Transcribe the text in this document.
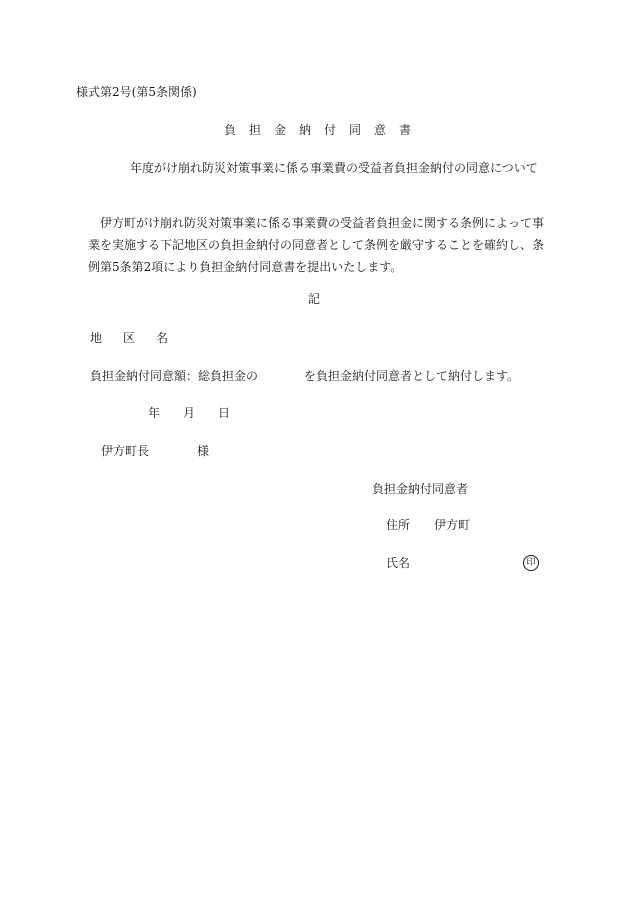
様式第2号(第5条関係)
負担金納付同意書
年度がけ崩れ防災対策事業に係る事業費の受益者負担金納付の同意について
　伊方町がけ崩れ防災対策事業に係る事業費の受益者負担金に関する条例によって事業を実施する下記地区の負担金納付の同意者として条例を厳守することを確約し、条例第5条第2項により負担金納付同意書を提出いたします。
記
地区名
負担金納付同意額：総負担金の	を負担金納付同意者として納付します。
年 月 日
伊方町長	様
負担金納付同意者
住所 伊方町
氏名	印
